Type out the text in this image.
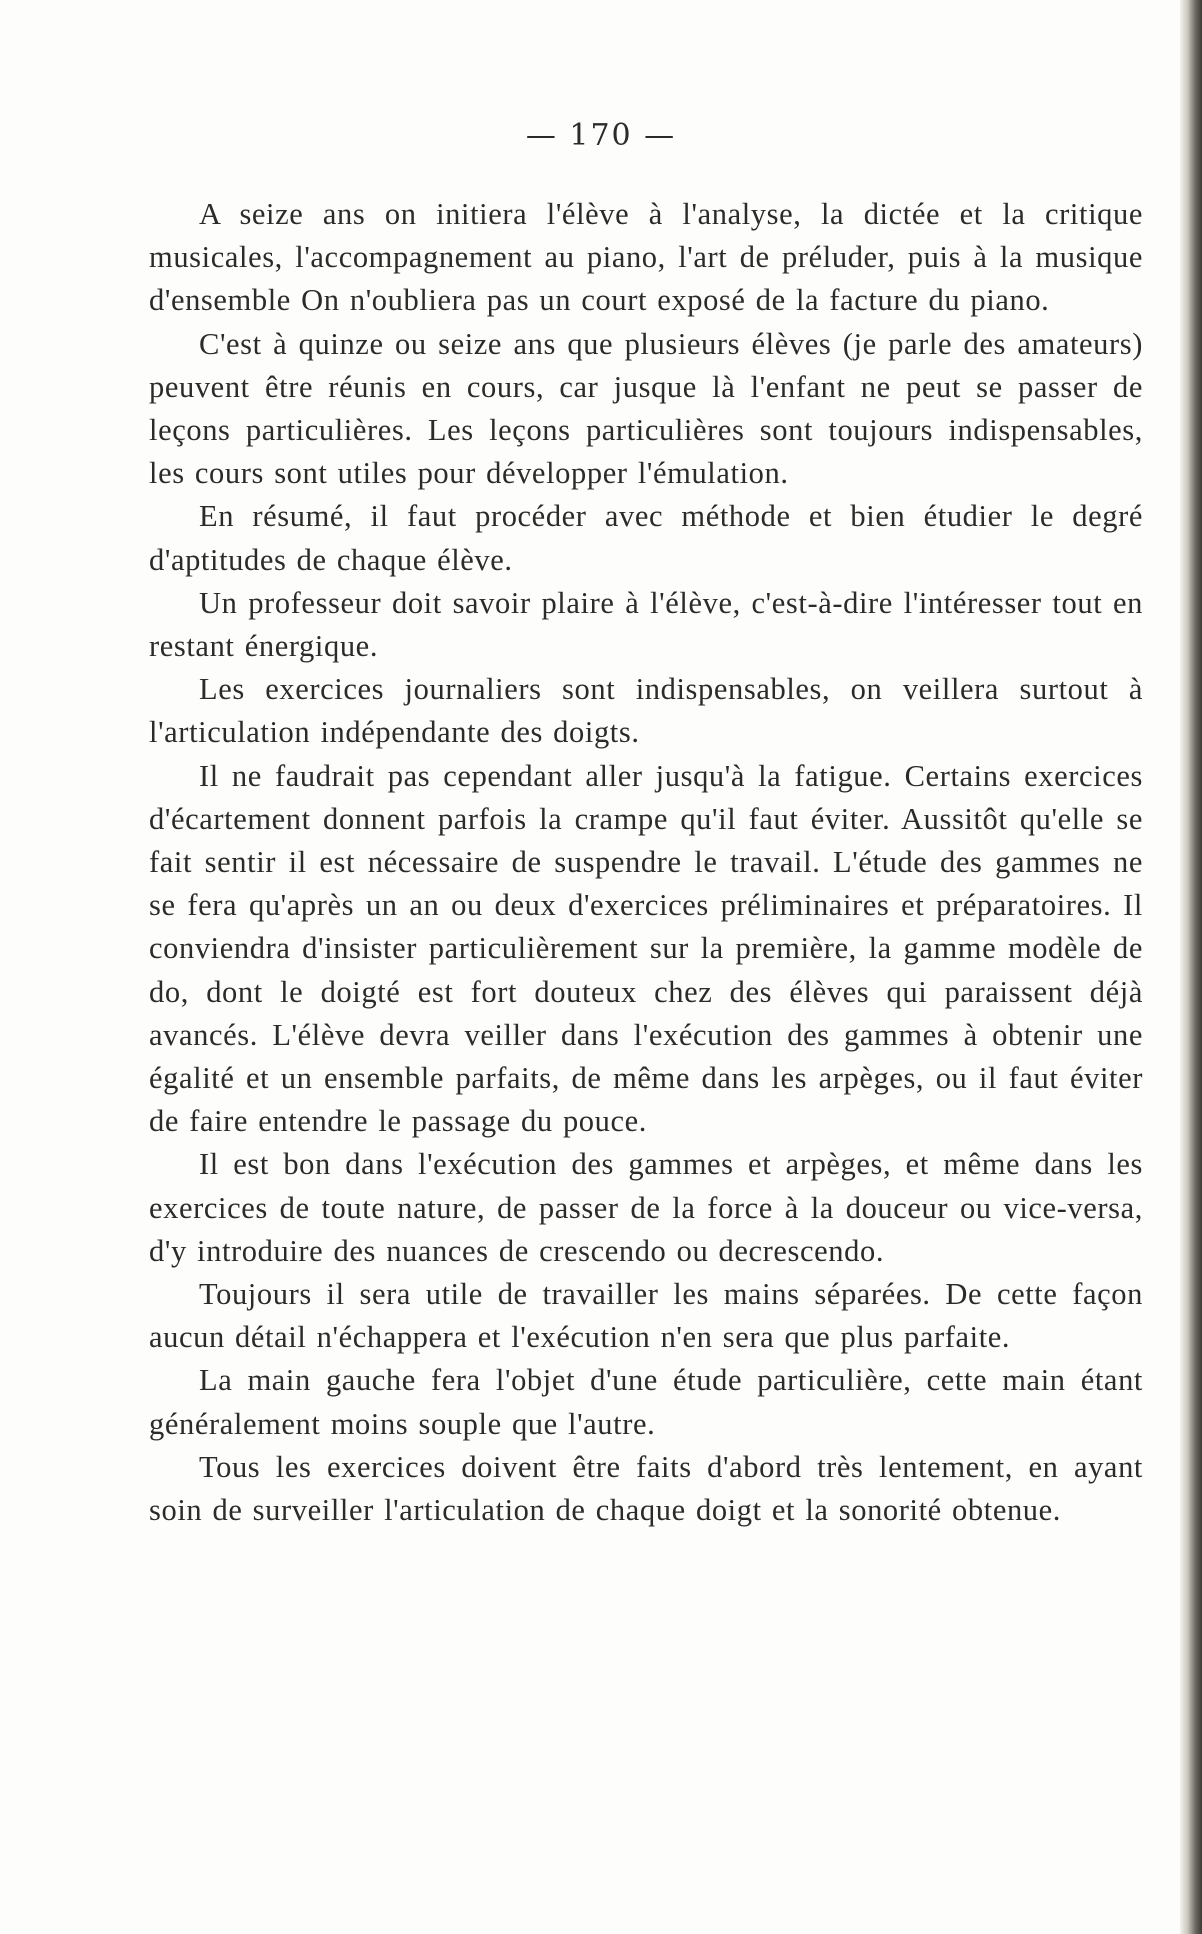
— 170 —

A seize ans on initiera l'élève à l'analyse, la dictée et la critique musicales, l'accompagnement au piano, l'art de préluder, puis à la musique d'ensemble On n'oubliera pas un court exposé de la facture du piano.

C'est à quinze ou seize ans que plusieurs élèves (je parle des amateurs) peuvent être réunis en cours, car jusque là l'enfant ne peut se passer de leçons particulières. Les leçons particulières sont toujours indispensables, les cours sont utiles pour développer l'émulation.

En résumé, il faut procéder avec méthode et bien étudier le degré d'aptitudes de chaque élève.

Un professeur doit savoir plaire à l'élève, c'est-à-dire l'intéresser tout en restant énergique.

Les exercices journaliers sont indispensables, on veillera surtout à l'articulation indépendante des doigts.

Il ne faudrait pas cependant aller jusqu'à la fatigue. Certains exercices d'écartement donnent parfois la crampe qu'il faut éviter. Aussitôt qu'elle se fait sentir il est nécessaire de suspendre le travail. L'étude des gammes ne se fera qu'après un an ou deux d'exercices préliminaires et préparatoires. Il conviendra d'insister particulièrement sur la première, la gamme modèle de do, dont le doigté est fort douteux chez des élèves qui paraissent déjà avancés. L'élève devra veiller dans l'exécution des gammes à obtenir une égalité et un ensemble parfaits, de même dans les arpèges, ou il faut éviter de faire entendre le passage du pouce.

Il est bon dans l'exécution des gammes et arpèges, et même dans les exercices de toute nature, de passer de la force à la douceur ou vice-versa, d'y introduire des nuances de crescendo ou decrescendo.

Toujours il sera utile de travailler les mains séparées. De cette façon aucun détail n'échappera et l'exécution n'en sera que plus parfaite.

La main gauche fera l'objet d'une étude particulière, cette main étant généralement moins souple que l'autre.

Tous les exercices doivent être faits d'abord très lentement, en ayant soin de surveiller l'articulation de chaque doigt et la sonorité obtenue.
